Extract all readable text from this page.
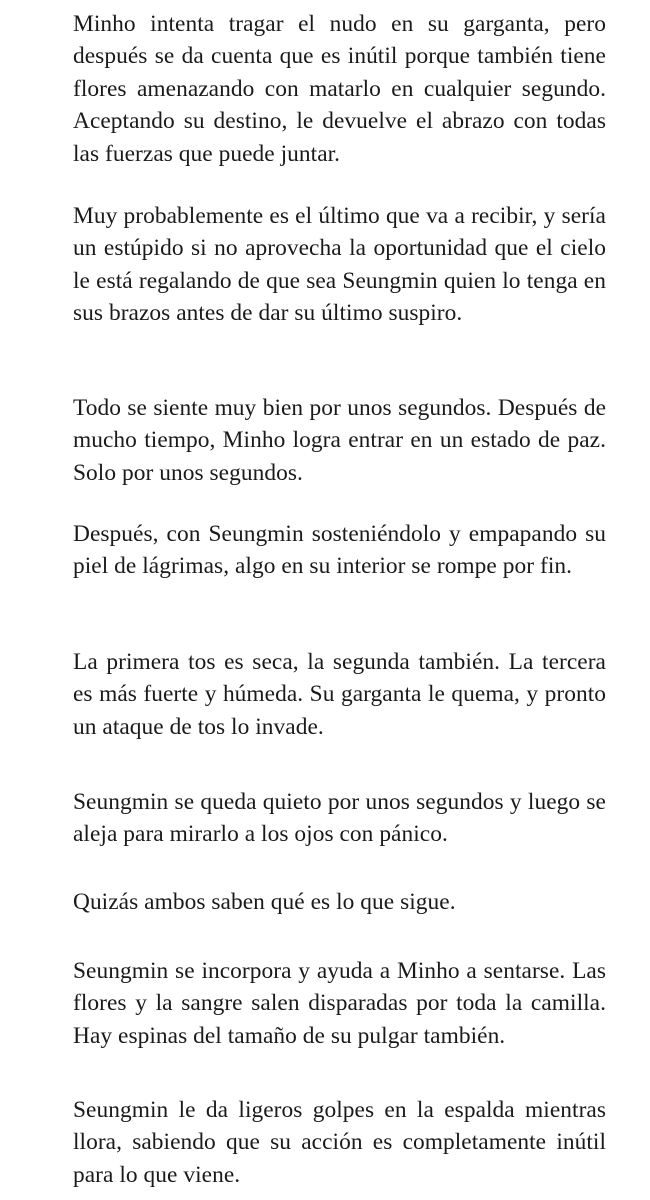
Minho intenta tragar el nudo en su garganta, pero después se da cuenta que es inútil porque también tiene flores amenazando con matarlo en cualquier segundo. Aceptando su destino, le devuelve el abrazo con todas las fuerzas que puede juntar.

Muy probablemente es el último que va a recibir, y sería un estúpido si no aprovecha la oportunidad que el cielo le está regalando de que sea Seungmin quien lo tenga en sus brazos antes de dar su último suspiro.

Todo se siente muy bien por unos segundos. Después de mucho tiempo, Minho logra entrar en un estado de paz. Solo por unos segundos.

Después, con Seungmin sosteniéndolo y empapando su piel de lágrimas, algo en su interior se rompe por fin.

La primera tos es seca, la segunda también. La tercera es más fuerte y húmeda. Su garganta le quema, y pronto un ataque de tos lo invade.

Seungmin se queda quieto por unos segundos y luego se aleja para mirarlo a los ojos con pánico.

Quizás ambos saben qué es lo que sigue.

Seungmin se incorpora y ayuda a Minho a sentarse. Las flores y la sangre salen disparadas por toda la camilla. Hay espinas del tamaño de su pulgar también.

Seungmin le da ligeros golpes en la espalda mientras llora, sabiendo que su acción es completamente inútil para lo que viene.
